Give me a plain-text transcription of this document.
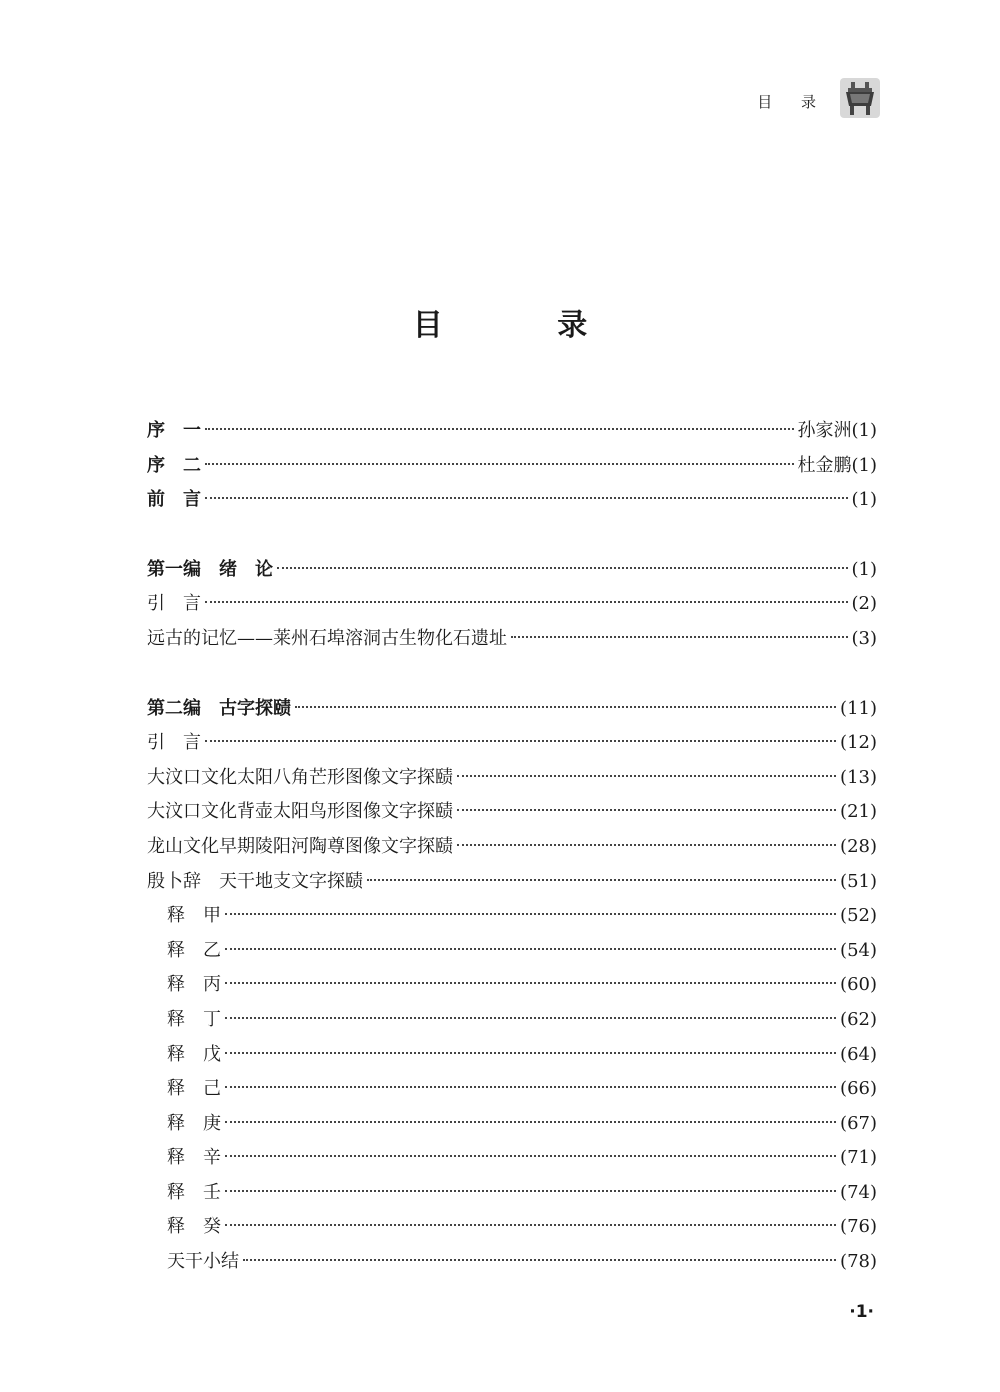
目 录
目 录
序　一	孙家洲 (1)
序　二	杜金鹏 (1)
前　言	(1)
第一编　绪　论	(1)
引　言	(2)
远古的记忆——莱州石埠溶洞古生物化石遗址	(3)
第二编　古字探赜	(11)
引　言	(12)
大汶口文化太阳八角芒形图像文字探赜	(13)
大汶口文化背壶太阳鸟形图像文字探赜	(21)
龙山文化早期陵阳河陶尊图像文字探赜	(28)
殷卜辞　天干地支文字探赜	(51)
释　甲	(52)
释　乙	(54)
释　丙	(60)
释　丁	(62)
释　戊	(64)
释　己	(66)
释　庚	(67)
释　辛	(71)
释　壬	(74)
释　癸	(76)
天干小结	(78)
·1·
